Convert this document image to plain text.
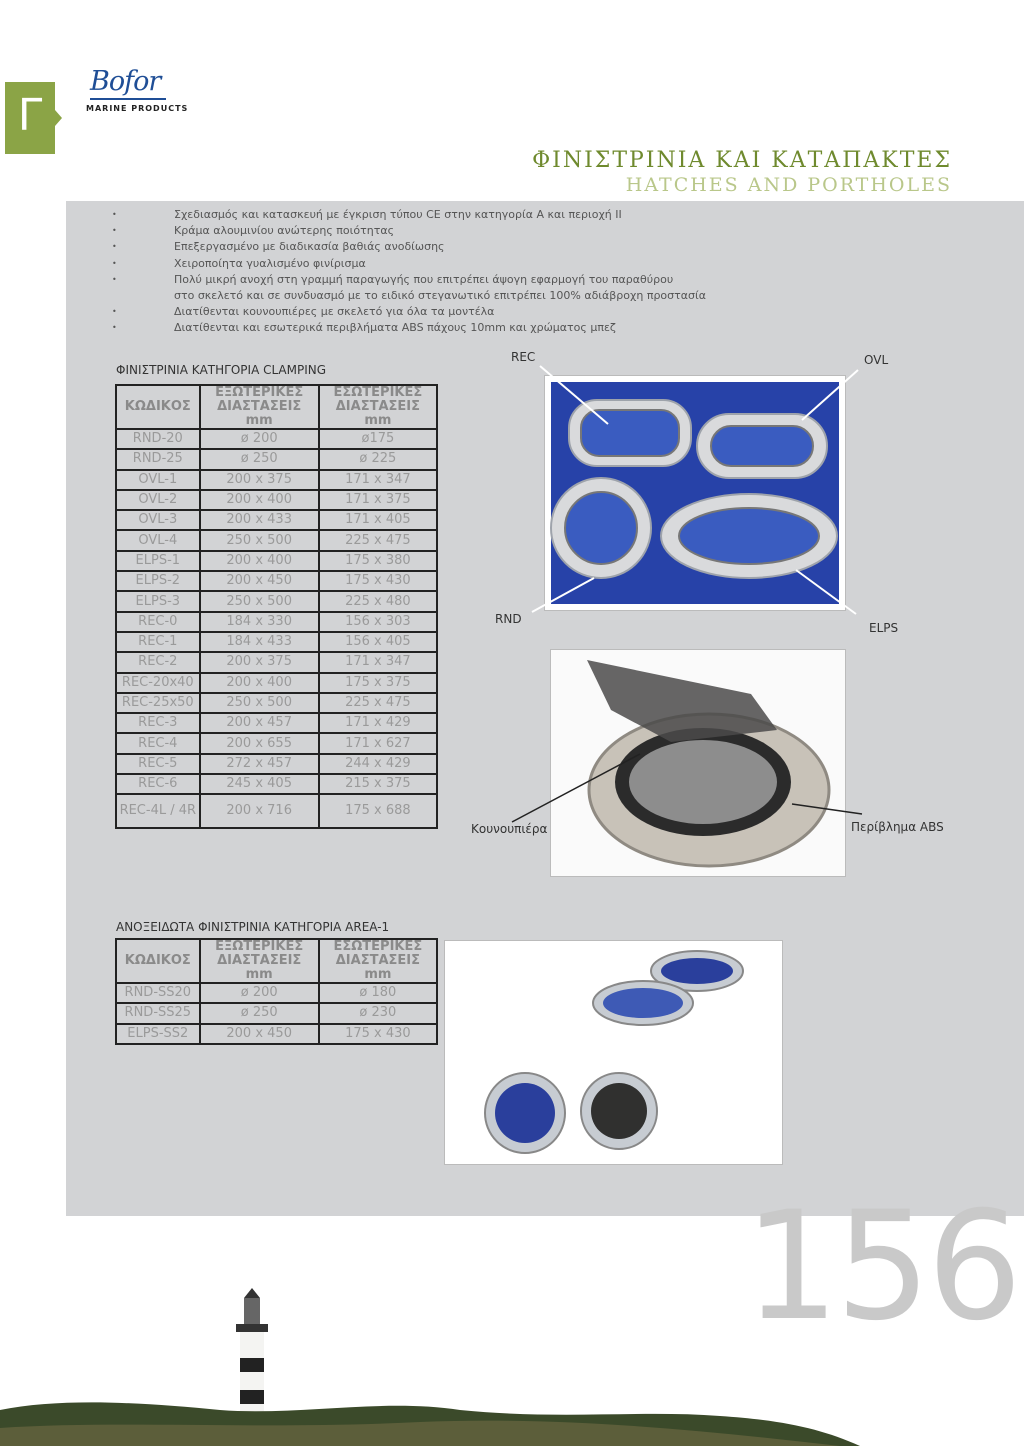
Γ
Bofor
MARINE PRODUCTS
ΦΙΝΙΣΤΡΙΝΙΑ ΚΑΙ ΚΑΤΑΠΑΚΤΕΣ
HATCHES AND PORTHOLES
•	Σχεδιασμός και κατασκευή με έγκριση τύπου CE στην κατηγορία Α και περιοχή ΙΙ
•	Κράμα αλουμινίου ανώτερης ποιότητας
•	Επεξεργασμένο με διαδικασία βαθιάς ανοδίωσης
•	Χειροποίητα γυαλισμένο φινίρισμα
•	Πολύ μικρή ανοχή στη γραμμή παραγωγής που επιτρέπει άψογη εφαρμογή του παραθύρου
στο σκελετό και σε συνδυασμό με το ειδικό στεγανωτικό επιτρέπει 100% αδιάβροχη προστασία
•	Διατίθενται κουνουπιέρες με σκελετό για όλα τα μοντέλα
•	Διατίθενται και εσωτερικά περιβλήματα ABS πάχους 10mm και χρώματος μπεζ
ΦΙΝΙΣΤΡΙΝΙΑ ΚΑΤΗΓΟΡΙΑ CLAMPING
ΚΩΔΙΚΟΣ	ΕΞΩΤΕΡΙΚΕΣ ΔΙΑΣΤΑΣΕΙΣ mm	ΕΣΩΤΕΡΙΚΕΣ ΔΙΑΣΤΑΣΕΙΣ mm
RND-20	ø 200	ø175
RND-25	ø 250	ø 225
OVL-1	200 x 375	171 x 347
OVL-2	200 x 400	171 x 375
OVL-3	200 x 433	171 x 405
OVL-4	250 x 500	225 x 475
ELPS-1	200 x 400	175 x 380
ELPS-2	200 x 450	175 x 430
ELPS-3	250 x 500	225 x 480
REC-0	184 x 330	156 x 303
REC-1	184 x 433	156 x 405
REC-2	200 x 375	171 x 347
REC-20x40	200 x 400	175 x 375
REC-25x50	250 x 500	225 x 475
REC-3	200 x 457	171 x 429
REC-4	200 x 655	171 x 627
REC-5	272 x 457	244 x 429
REC-6	245 x 405	215 x 375
REC-4L / 4R	200 x 716	175 x 688
ΑΝΟΞΕΙΔΩΤΑ ΦΙΝΙΣΤΡΙΝΙΑ ΚΑΤΗΓΟΡΙΑ AREA-1
ΚΩΔΙΚΟΣ	ΕΞΩΤΕΡΙΚΕΣ ΔΙΑΣΤΑΣΕΙΣ mm	ΕΣΩΤΕΡΙΚΕΣ ΔΙΑΣΤΑΣΕΙΣ mm
RND-SS20	ø 200	ø 180
RND-SS25	ø 250	ø 230
ELPS-SS2	200 x 450	175 x 430
REC	OVL
RND
ELPS
Κουνουπιέρα	Περίβλημα ABS
156
